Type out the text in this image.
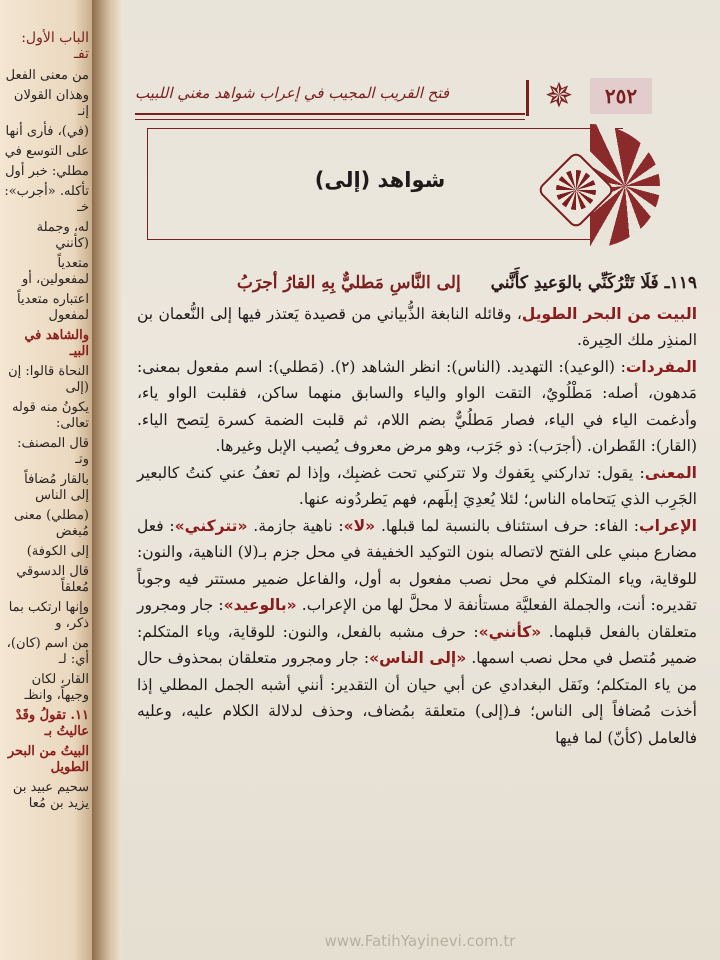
الباب الأول: تفـ
من معنى الفعل
وهذان القولان إنـ
(في)، فأرى أنها
على التوسع في
مطلي: خبر أول
تأكله. «أجرب»: خـ
له، وجملة (كأنني
متعدياً لمفعولين، أو
اعتباره متعدياً لمفعول
والشاهد في البيـ
النحاة قالوا: إن (إلى
يكونُ منه قوله تعالى:
قال المصنف: وتـ
بالقار مُضافاً إلى الناس
(مطلي) معنى مُبغض
إلى الكوفة)
قال الدسوقي مُعلقاً
وإنها ارتكب بما ذكر، و
من اسم (كان)، أي: لـ
القار، لكان وجيهاً، وانظـ
١١. تقولُ وقَدْ عاليتُ بـ
البيتُ من البحر الطويل
سحيم عبيد بن يزيد بن مُعا
٢٥٢
✵
فتح القريب المجيب في إعراب شواهد مغني اللبيب
شواهد (إلى)

١١٩ـ فَلَا تَتْرُكَنِّي بالوَعيدِ كأَنَّني إلى النَّاسِ مَطليٌّ بِهِ القارُ أجرَبُ

البيت من البحر الطويل، وقائله النابغة الذُّبياني من قصيدة يَعتذر فيها إلى النُّعمان بن المنذِر ملك الحِيرة.

المفردات: (الوعيد): التهديد. (الناس): انظر الشاهد (٢). (مَطلي): اسم مفعول بمعنى: مَدهون، أصله: مَطْلُويٌ، التقت الواو والياء والسابق منهما ساكن، فقلبت الواو ياء، وأدغمت الياء في الياء، فصار مَطلُيٌّ بضم اللام، ثم قلبت الضمة كسرة لِتصح الياء. (القار): القَطران. (أجرَب): ذو جَرَب، وهو مرض معروف يُصيب الإبل وغيرها.

المعنى: يقول: تداركني بِعَفوك ولا تتركني تحت غضبِك، وإذا لم تعفُ عني كنتُ كالبعير الجَرِب الذي يَتحاماه الناس؛ لئلا يُعدِيَ إبلَهم، فهم يَطردُونه عنها.

الإعراب: الفاء: حرف استئناف بالنسبة لما قبلها. «لا»: ناهية جازمة. «تتركني»: فعل مضارع مبني على الفتح لاتصاله بنون التوكيد الخفيفة في محل جزم بـ(لا) الناهية، والنون: للوقاية، وياء المتكلم في محل نصب مفعول به أول، والفاعل ضمير مستتر فيه وجوباً تقديره: أنت، والجملة الفعليَّة مستأنفة لا محلَّ لها من الإعراب. «بالوعيد»: جار ومجرور متعلقان بالفعل قبلهما. «كأنني»: حرف مشبه بالفعل، والنون: للوقاية، وياء المتكلم: ضمير مُتصل في محل نصب اسمها. «إلى الناس»: جار ومجرور متعلقان بمحذوف حال من ياء المتكلم؛ ونَقل البغدادي عن أبي حيان أن التقدير: أنني أشبه الجمل المطلي إذا أخذت مُضافاً إلى الناس؛ فـ(إلى) متعلقة بمُضاف، وحذف لدلالة الكلام عليه، وعليه فالعامل (كأنّ) لما فيها

www.FatihYayinevi.com.tr
